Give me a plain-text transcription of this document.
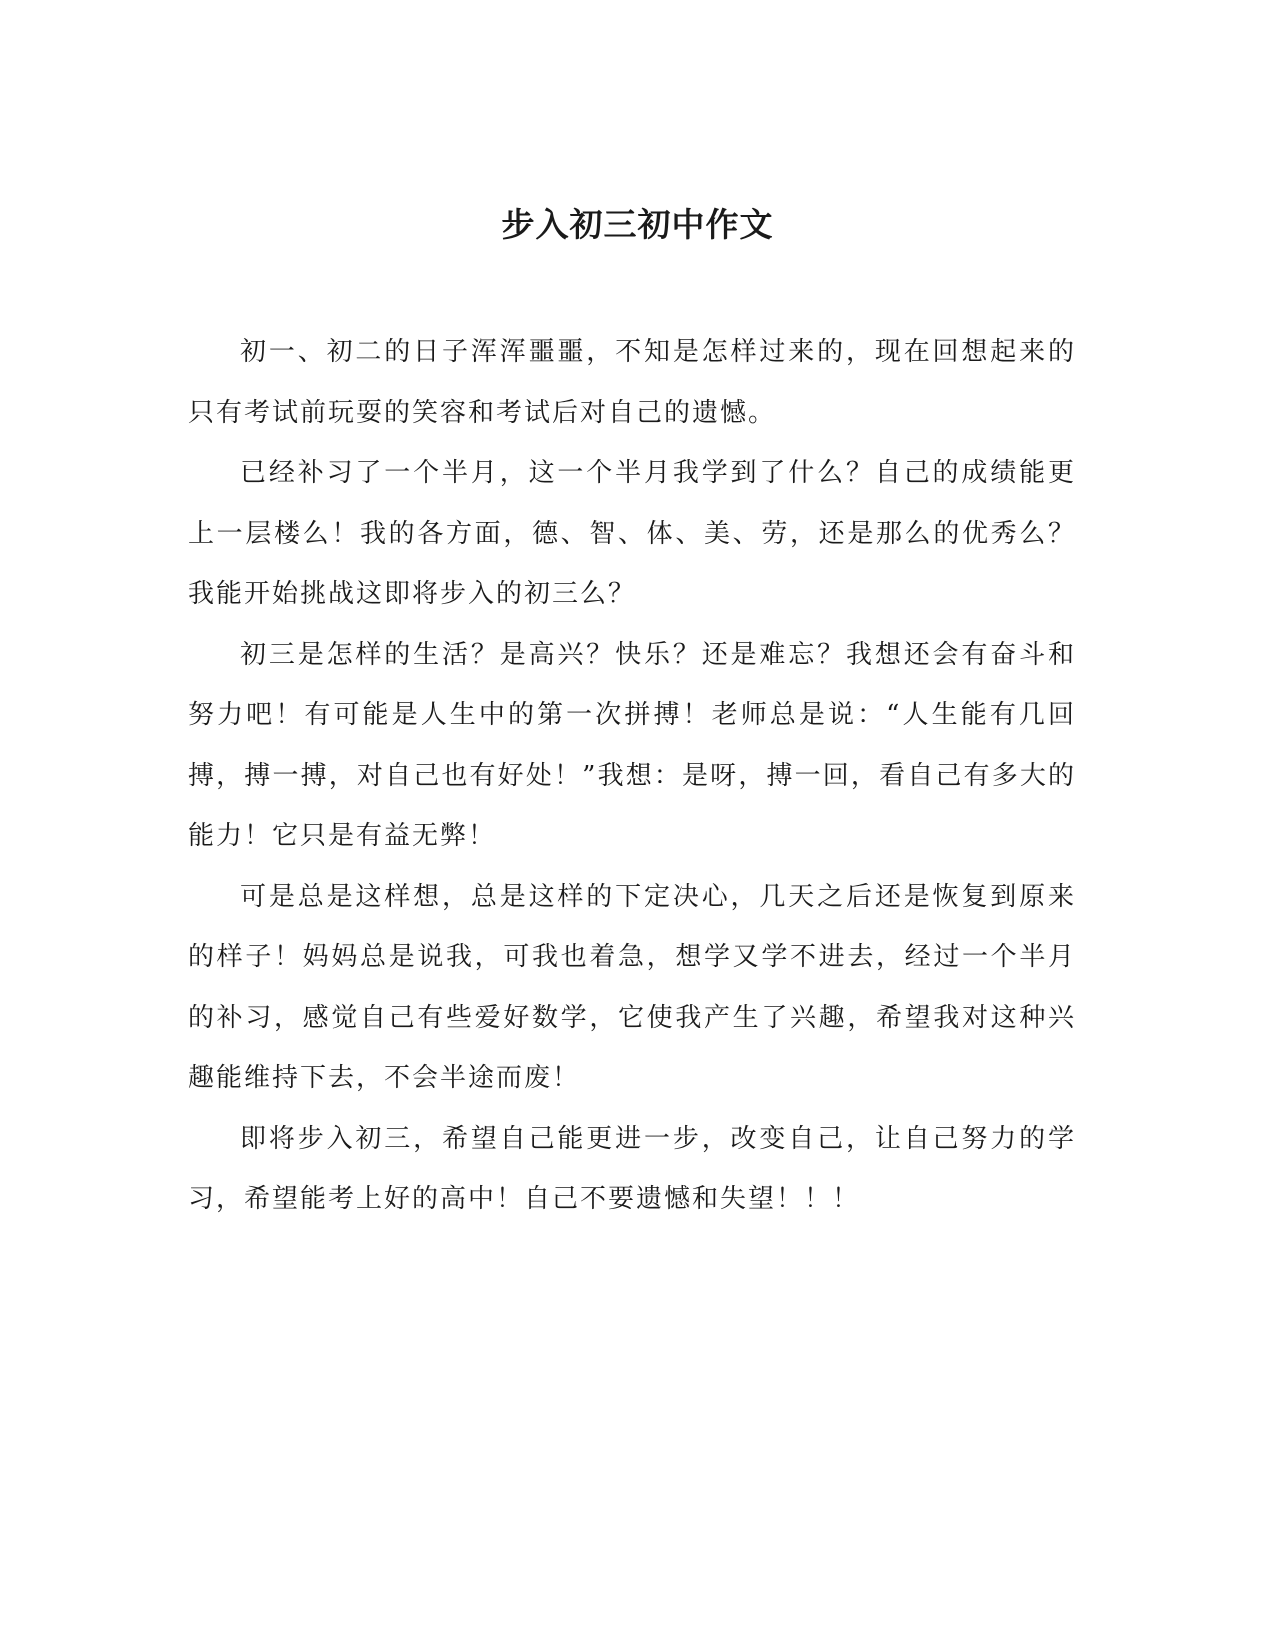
步入初三初中作文

初一、初二的日子浑浑噩噩，不知是怎样过来的，现在回想起来的只有考试前玩耍的笑容和考试后对自己的遗憾。

已经补习了一个半月，这一个半月我学到了什么？自己的成绩能更上一层楼么！我的各方面，德、智、体、美、劳，还是那么的优秀么？我能开始挑战这即将步入的初三么？

初三是怎样的生活？是高兴？快乐？还是难忘？我想还会有奋斗和努力吧！有可能是人生中的第一次拼搏！老师总是说：“人生能有几回搏，搏一搏，对自己也有好处！”我想：是呀，搏一回，看自己有多大的能力！它只是有益无弊！

可是总是这样想，总是这样的下定决心，几天之后还是恢复到原来的样子！妈妈总是说我，可我也着急，想学又学不进去，经过一个半月的补习，感觉自己有些爱好数学，它使我产生了兴趣，希望我对这种兴趣能维持下去，不会半途而废！

即将步入初三，希望自己能更进一步，改变自己，让自己努力的学习，希望能考上好的高中！自己不要遗憾和失望！！！
